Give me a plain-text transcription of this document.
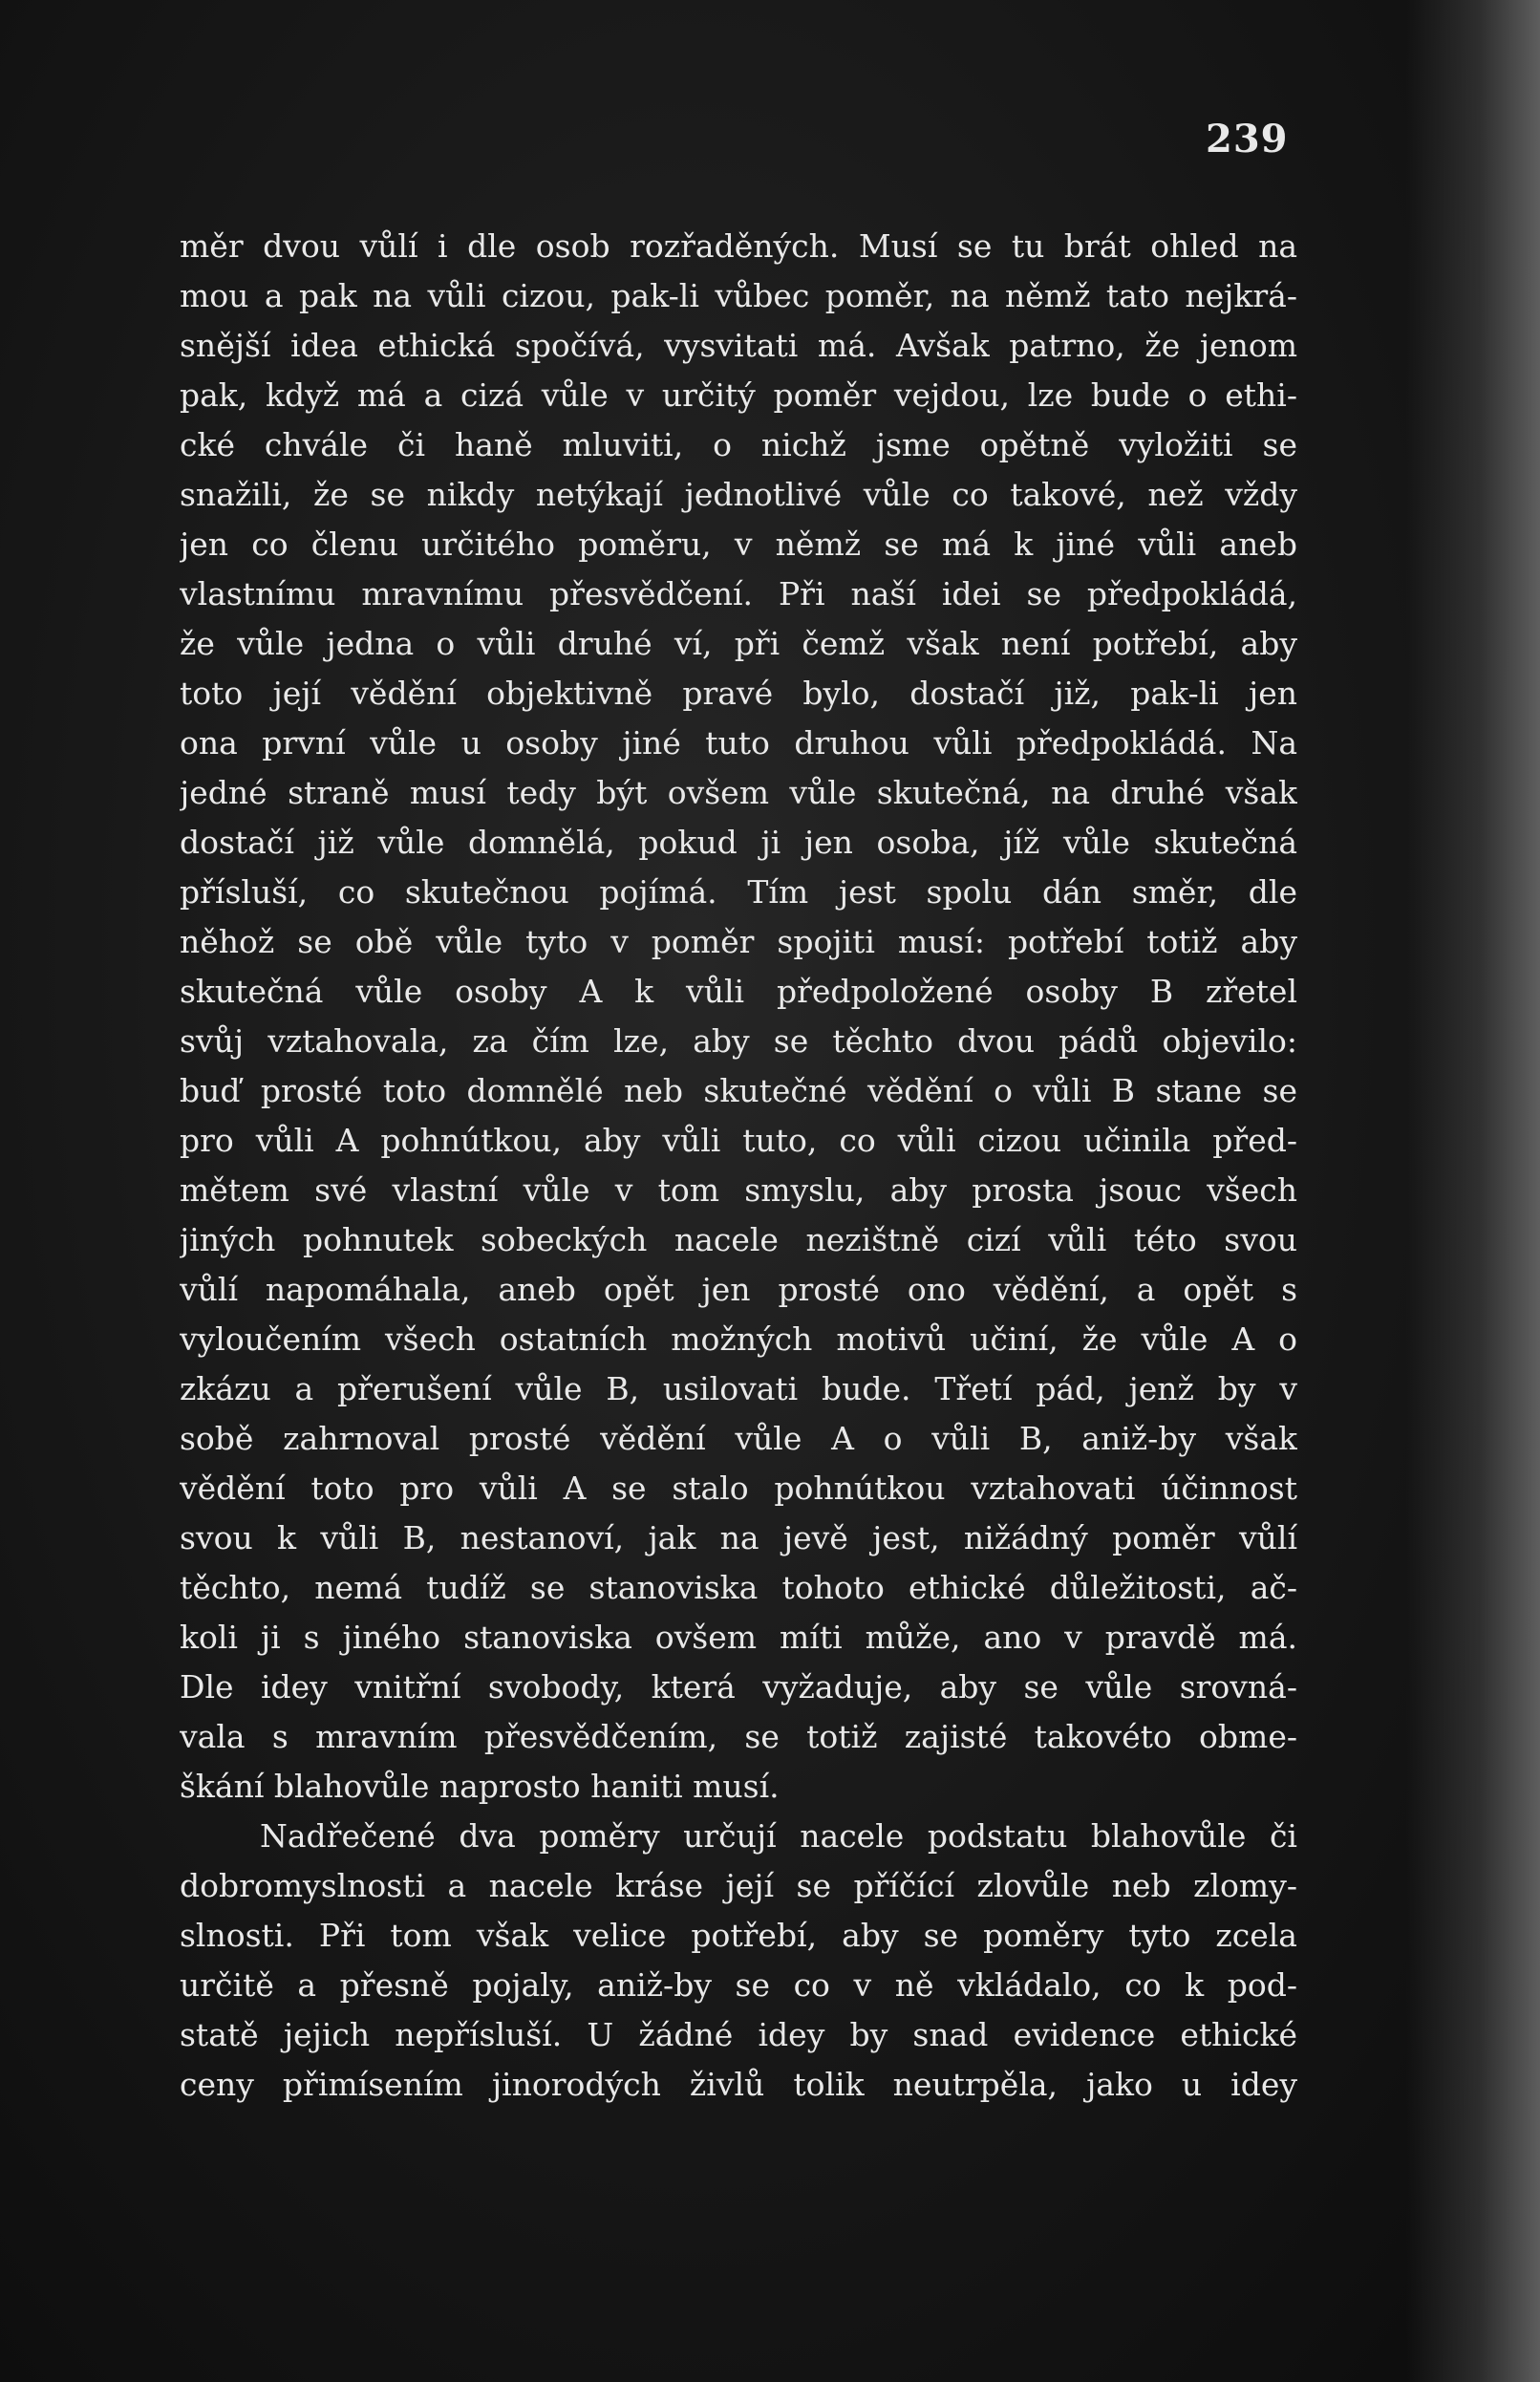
239

měr dvou vůlí i dle osob rozřaděných. Musí se tu brát ohled na
mou a pak na vůli cizou, pak-li vůbec poměr, na němž tato nejkrá-
snější idea ethická spočívá, vysvitati má. Avšak patrno, že jenom
pak, když má a cizá vůle v určitý poměr vejdou, lze bude o ethi-
cké chvále či haně mluviti, o nichž jsme opětně vyložiti se
snažili, že se nikdy netýkají jednotlivé vůle co takové, než vždy
jen co členu určitého poměru, v němž se má k jiné vůli aneb
vlastnímu mravnímu přesvědčení. Při naší idei se předpokládá,
že vůle jedna o vůli druhé ví, při čemž však není potřebí, aby
toto její vědění objektivně pravé bylo, dostačí již, pak-li jen
ona první vůle u osoby jiné tuto druhou vůli předpokládá. Na
jedné straně musí tedy být ovšem vůle skutečná, na druhé však
dostačí již vůle domnělá, pokud ji jen osoba, jíž vůle skutečná
přísluší, co skutečnou pojímá. Tím jest spolu dán směr, dle
něhož se obě vůle tyto v poměr spojiti musí: potřebí totiž aby
skutečná vůle osoby A k vůli předpoložené osoby B zřetel
svůj vztahovala, za čím lze, aby se těchto dvou pádů objevilo:
buď prosté toto domnělé neb skutečné vědění o vůli B stane se
pro vůli A pohnútkou, aby vůli tuto, co vůli cizou učinila před-
mětem své vlastní vůle v tom smyslu, aby prosta jsouc všech
jiných pohnutek sobeckých nacele nezištně cizí vůli této svou
vůlí napomáhala, aneb opět jen prosté ono vědění, a opět s
vyloučením všech ostatních možných motivů učiní, že vůle A o
zkázu a přerušení vůle B, usilovati bude. Třetí pád, jenž by v
sobě zahrnoval prosté vědění vůle A o vůli B, aniž-by však
vědění toto pro vůli A se stalo pohnútkou vztahovati účinnost
svou k vůli B, nestanoví, jak na jevě jest, nižádný poměr vůlí
těchto, nemá tudíž se stanoviska tohoto ethické důležitosti, ač-
koli ji s jiného stanoviska ovšem míti může, ano v pravdě má.
Dle idey vnitřní svobody, která vyžaduje, aby se vůle srovná-
vala s mravním přesvědčením, se totiž zajisté takovéto obme-
škání blahovůle naprosto haniti musí.

Nadřečené dva poměry určují nacele podstatu blahovůle či
dobromyslnosti a nacele kráse její se příčící zlovůle neb zlomy-
slnosti. Při tom však velice potřebí, aby se poměry tyto zcela
určitě a přesně pojaly, aniž-by se co v ně vkládalo, co k pod-
statě jejich nepřísluší. U žádné idey by snad evidence ethické
ceny přimísením jinorodých živlů tolik neutrpěla, jako u idey
